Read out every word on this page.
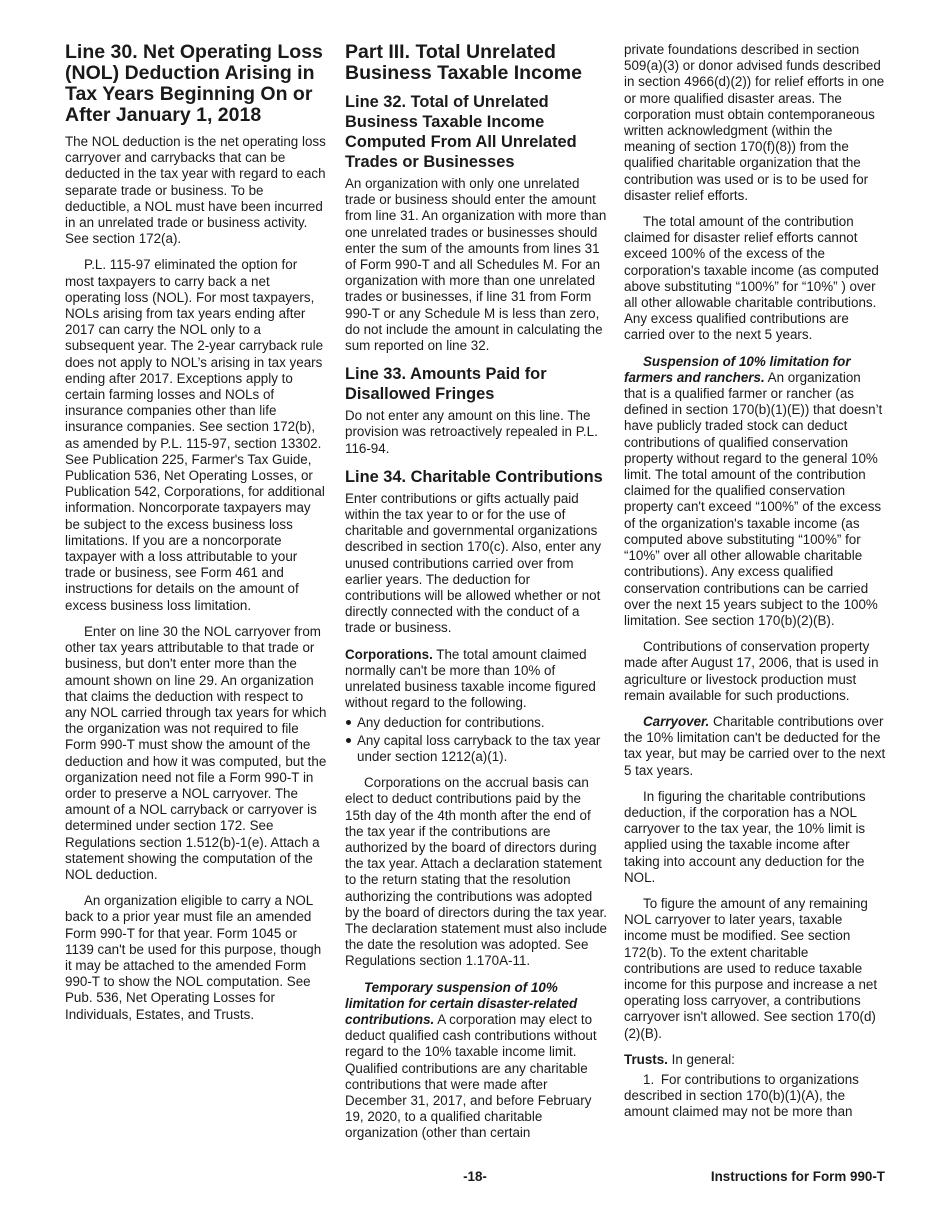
Line 30. Net Operating Loss (NOL) Deduction Arising in Tax Years Beginning On or After January 1, 2018

The NOL deduction is the net operating loss carryover and carrybacks that can be deducted in the tax year with regard to each separate trade or business. To be deductible, a NOL must have been incurred in an unrelated trade or business activity. See section 172(a).

P.L. 115-97 eliminated the option for most taxpayers to carry back a net operating loss (NOL). For most taxpayers, NOLs arising from tax years ending after 2017 can carry the NOL only to a subsequent year. The 2-year carryback rule does not apply to NOL’s arising in tax years ending after 2017. Exceptions apply to certain farming losses and NOLs of insurance companies other than life insurance companies. See section 172(b), as amended by P.L. 115-97, section 13302. See Publication 225, Farmer's Tax Guide, Publication 536, Net Operating Losses, or Publication 542, Corporations, for additional information. Noncorporate taxpayers may be subject to the excess business loss limitations. If you are a noncorporate taxpayer with a loss attributable to your trade or business, see Form 461 and instructions for details on the amount of excess business loss limitation.

Enter on line 30 the NOL carryover from other tax years attributable to that trade or business, but don't enter more than the amount shown on line 29. An organization that claims the deduction with respect to any NOL carried through tax years for which the organization was not required to file Form 990-T must show the amount of the deduction and how it was computed, but the organization need not file a Form 990-T in order to preserve a NOL carryover. The amount of a NOL carryback or carryover is determined under section 172. See Regulations section 1.512(b)-1(e). Attach a statement showing the computation of the NOL deduction.

An organization eligible to carry a NOL back to a prior year must file an amended Form 990-T for that year. Form 1045 or 1139 can't be used for this purpose, though it may be attached to the amended Form 990-T to show the NOL computation. See Pub. 536, Net Operating Losses for Individuals, Estates, and Trusts.

Part III. Total Unrelated Business Taxable Income
Line 32. Total of Unrelated Business Taxable Income Computed From All Unrelated Trades or Businesses

An organization with only one unrelated trade or business should enter the amount from line 31. An organization with more than one unrelated trades or businesses should enter the sum of the amounts from lines 31 of Form 990-T and all Schedules M. For an organization with more than one unrelated trades or businesses, if line 31 from Form 990-T or any Schedule M is less than zero, do not include the amount in calculating the sum reported on line 32.

Line 33. Amounts Paid for Disallowed Fringes

Do not enter any amount on this line. The provision was retroactively repealed in P.L. 116-94.

Line 34. Charitable Contributions

Enter contributions or gifts actually paid within the tax year to or for the use of charitable and governmental organizations described in section 170(c). Also, enter any unused contributions carried over from earlier years. The deduction for contributions will be allowed whether or not directly connected with the conduct of a trade or business.

Corporations. The total amount claimed normally can't be more than 10% of unrelated business taxable income figured without regard to the following.

Any deduction for contributions.
Any capital loss carryback to the tax year under section 1212(a)(1).

Corporations on the accrual basis can elect to deduct contributions paid by the 15th day of the 4th month after the end of the tax year if the contributions are authorized by the board of directors during the tax year. Attach a declaration statement to the return stating that the resolution authorizing the contributions was adopted by the board of directors during the tax year. The declaration statement must also include the date the resolution was adopted. See Regulations section 1.170A-11.

Temporary suspension of 10% limitation for certain disaster-related contributions. A corporation may elect to deduct qualified cash contributions without regard to the 10% taxable income limit. Qualified contributions are any charitable contributions that were made after December 31, 2017, and before February 19, 2020, to a qualified charitable organization (other than certain

private foundations described in section 509(a)(3) or donor advised funds described in section 4966(d)(2)) for relief efforts in one or more qualified disaster areas. The corporation must obtain contemporaneous written acknowledgment (within the meaning of section 170(f)(8)) from the qualified charitable organization that the contribution was used or is to be used for disaster relief efforts.

The total amount of the contribution claimed for disaster relief efforts cannot exceed 100% of the excess of the corporation's taxable income (as computed above substituting “100%” for “10%” ) over all other allowable charitable contributions. Any excess qualified contributions are carried over to the next 5 years.

Suspension of 10% limitation for farmers and ranchers. An organization that is a qualified farmer or rancher (as defined in section 170(b)(1)(E)) that doesn’t have publicly traded stock can deduct contributions of qualified conservation property without regard to the general 10% limit. The total amount of the contribution claimed for the qualified conservation property can't exceed “100%” of the excess of the organization's taxable income (as computed above substituting “100%” for “10%” over all other allowable charitable contributions). Any excess qualified conservation contributions can be carried over the next 15 years subject to the 100% limitation. See section 170(b)(2)(B).

Contributions of conservation property made after August 17, 2006, that is used in agriculture or livestock production must remain available for such productions.

Carryover. Charitable contributions over the 10% limitation can't be deducted for the tax year, but may be carried over to the next 5 tax years.

In figuring the charitable contributions deduction, if the corporation has a NOL carryover to the tax year, the 10% limit is applied using the taxable income after taking into account any deduction for the NOL.

To figure the amount of any remaining NOL carryover to later years, taxable income must be modified. See section 172(b). To the extent charitable contributions are used to reduce taxable income for this purpose and increase a net operating loss carryover, a contributions carryover isn't allowed. See section 170(d)(2)(B).

Trusts. In general:

1. For contributions to organizations described in section 170(b)(1)(A), the amount claimed may not be more than

-18-	Instructions for Form 990-T
